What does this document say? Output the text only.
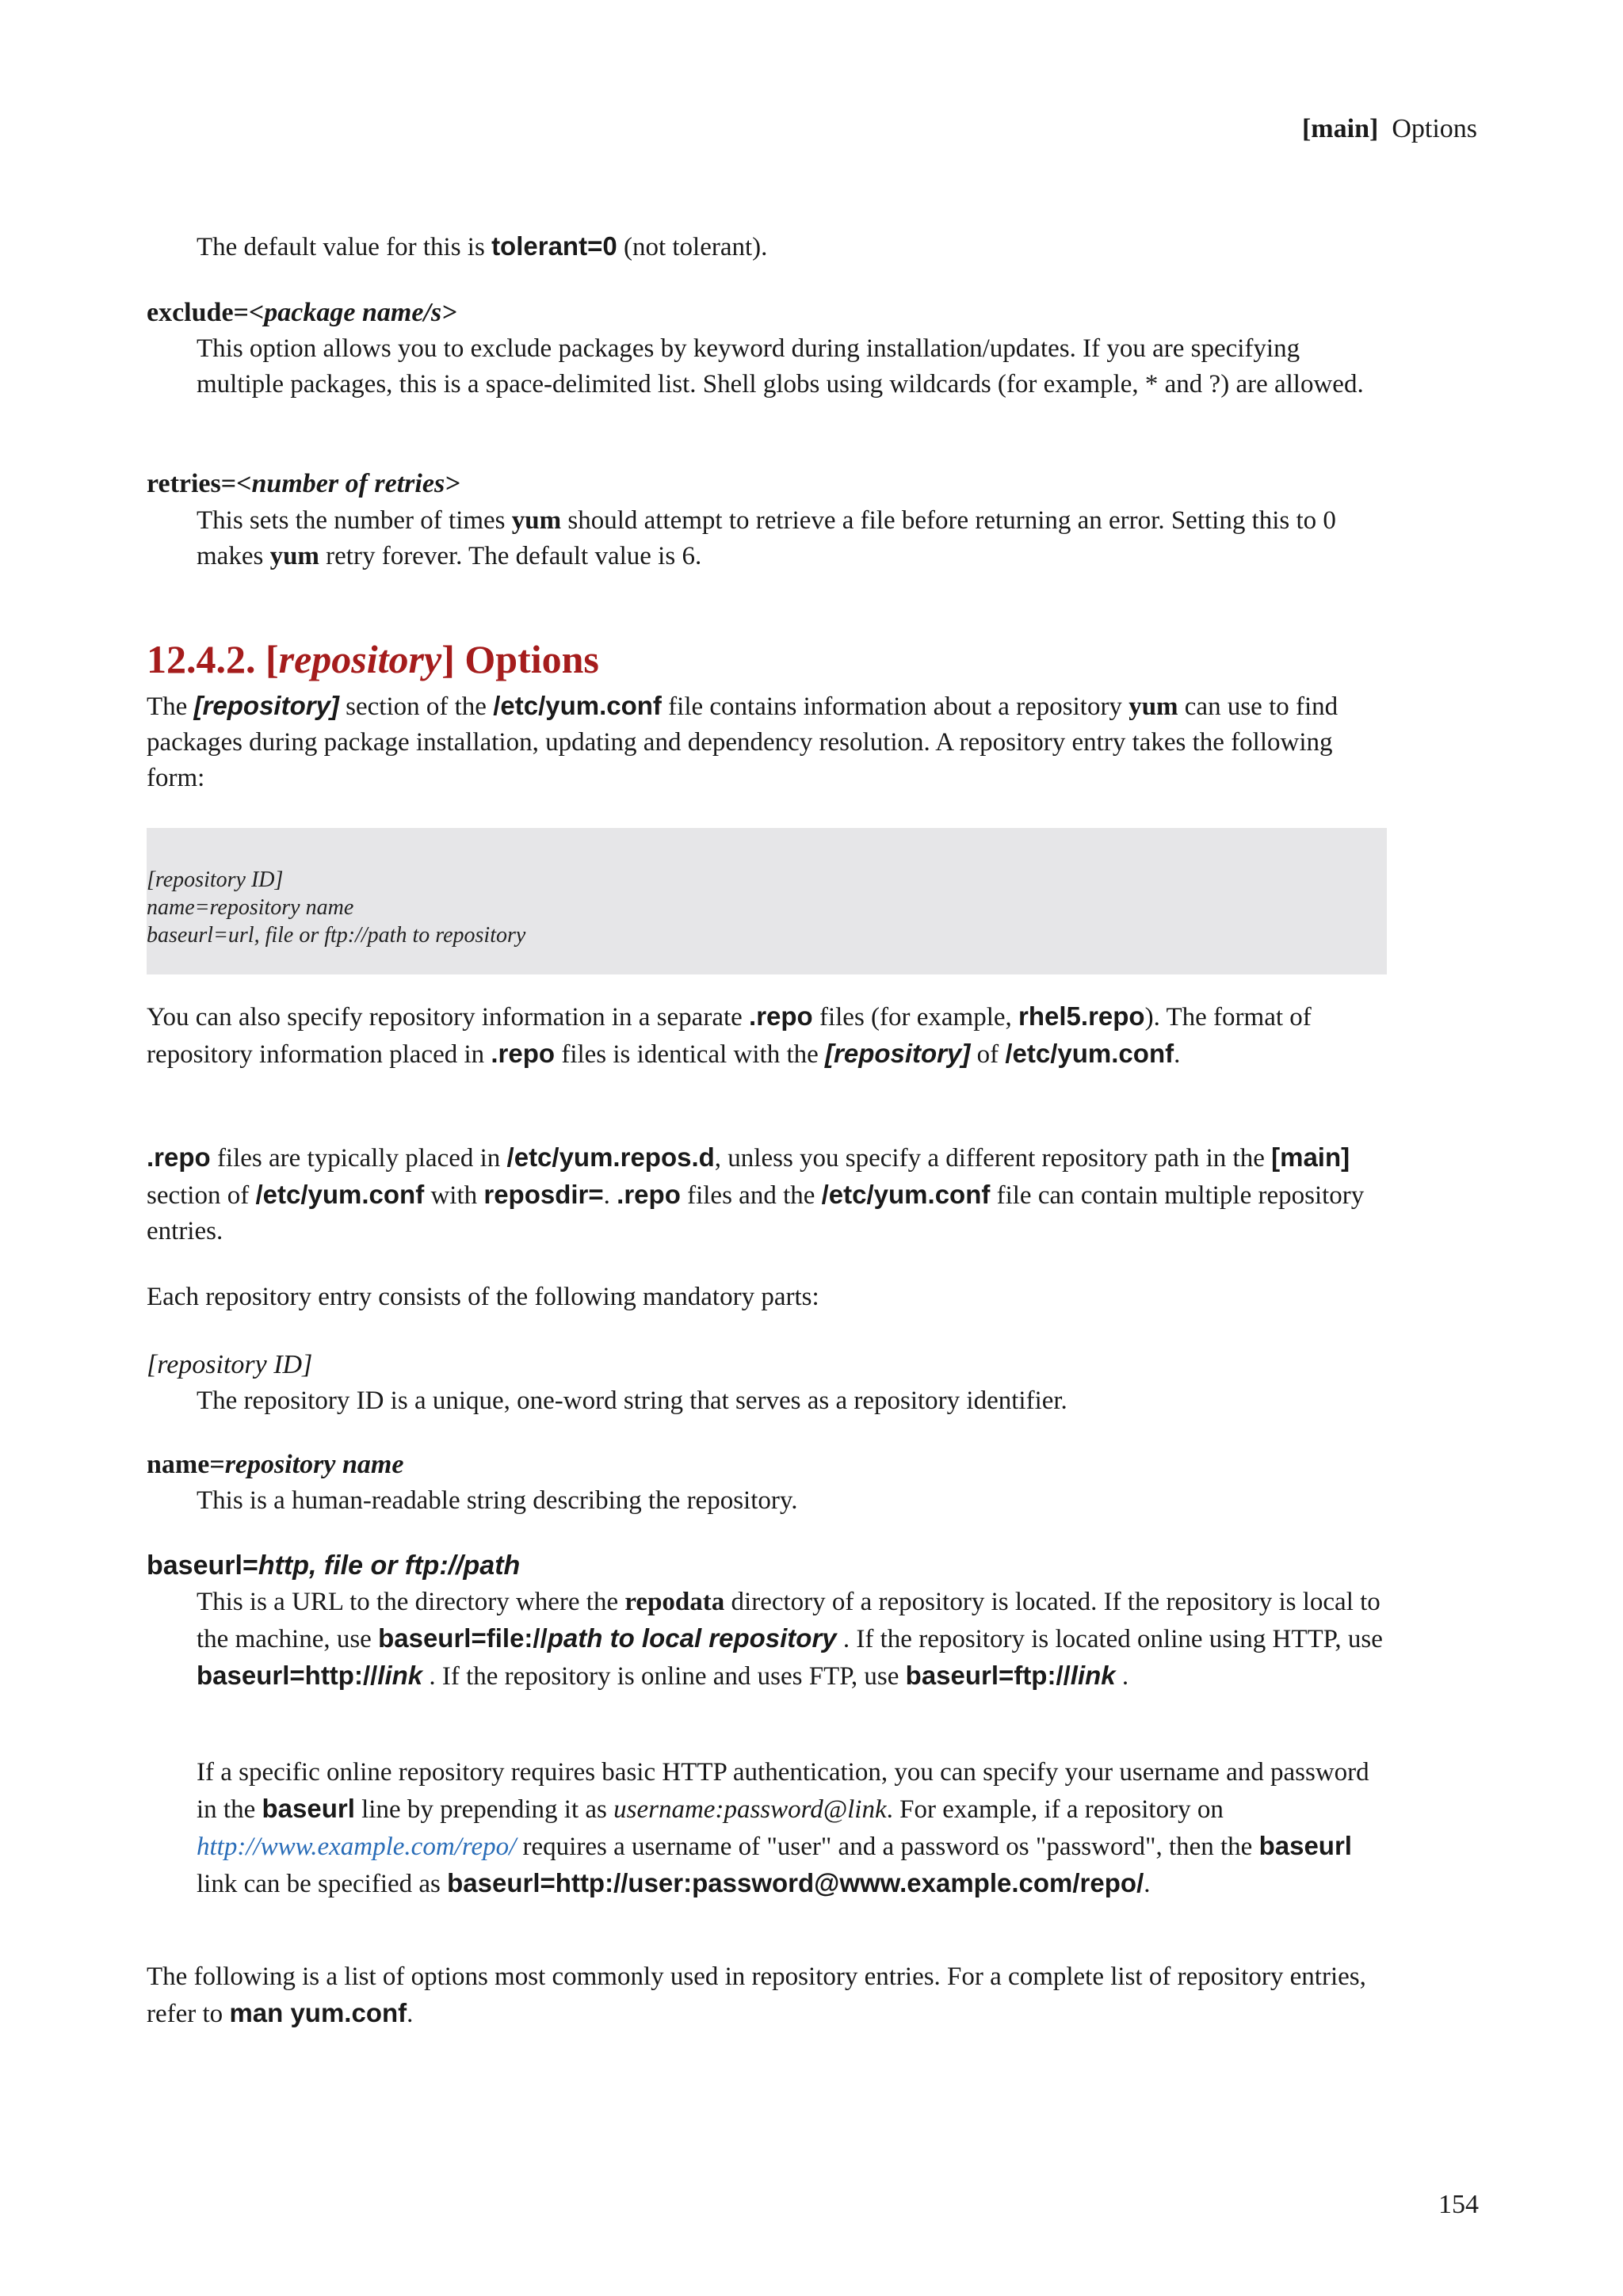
[main] Options
The default value for this is tolerant=0 (not tolerant).
exclude=<package name/s>
This option allows you to exclude packages by keyword during installation/updates. If you are specifying multiple packages, this is a space-delimited list. Shell globs using wildcards (for example, * and ?) are allowed.
retries=<number of retries>
This sets the number of times yum should attempt to retrieve a file before returning an error. Setting this to 0 makes yum retry forever. The default value is 6.
12.4.2. [repository] Options
The [repository] section of the /etc/yum.conf file contains information about a repository yum can use to find packages during package installation, updating and dependency resolution. A repository entry takes the following form:
[repository ID]
name=repository name
baseurl=url, file or ftp://path to repository
You can also specify repository information in a separate .repo files (for example, rhel5.repo). The format of repository information placed in .repo files is identical with the [repository] of /etc/yum.conf.
.repo files are typically placed in /etc/yum.repos.d, unless you specify a different repository path in the [main] section of /etc/yum.conf with reposdir=. .repo files and the /etc/yum.conf file can contain multiple repository entries.
Each repository entry consists of the following mandatory parts:
[repository ID]
The repository ID is a unique, one-word string that serves as a repository identifier.
name=repository name
This is a human-readable string describing the repository.
baseurl=http, file or ftp://path
This is a URL to the directory where the repodata directory of a repository is located. If the repository is local to the machine, use baseurl=file://path to local repository . If the repository is located online using HTTP, use baseurl=http://link . If the repository is online and uses FTP, use baseurl=ftp://link .
If a specific online repository requires basic HTTP authentication, you can specify your username and password in the baseurl line by prepending it as username:password@link. For example, if a repository on http://www.example.com/repo/ requires a username of "user" and a password os "password", then the baseurl link can be specified as baseurl=http://user:password@www.example.com/repo/.
The following is a list of options most commonly used in repository entries. For a complete list of repository entries, refer to man yum.conf.
154
